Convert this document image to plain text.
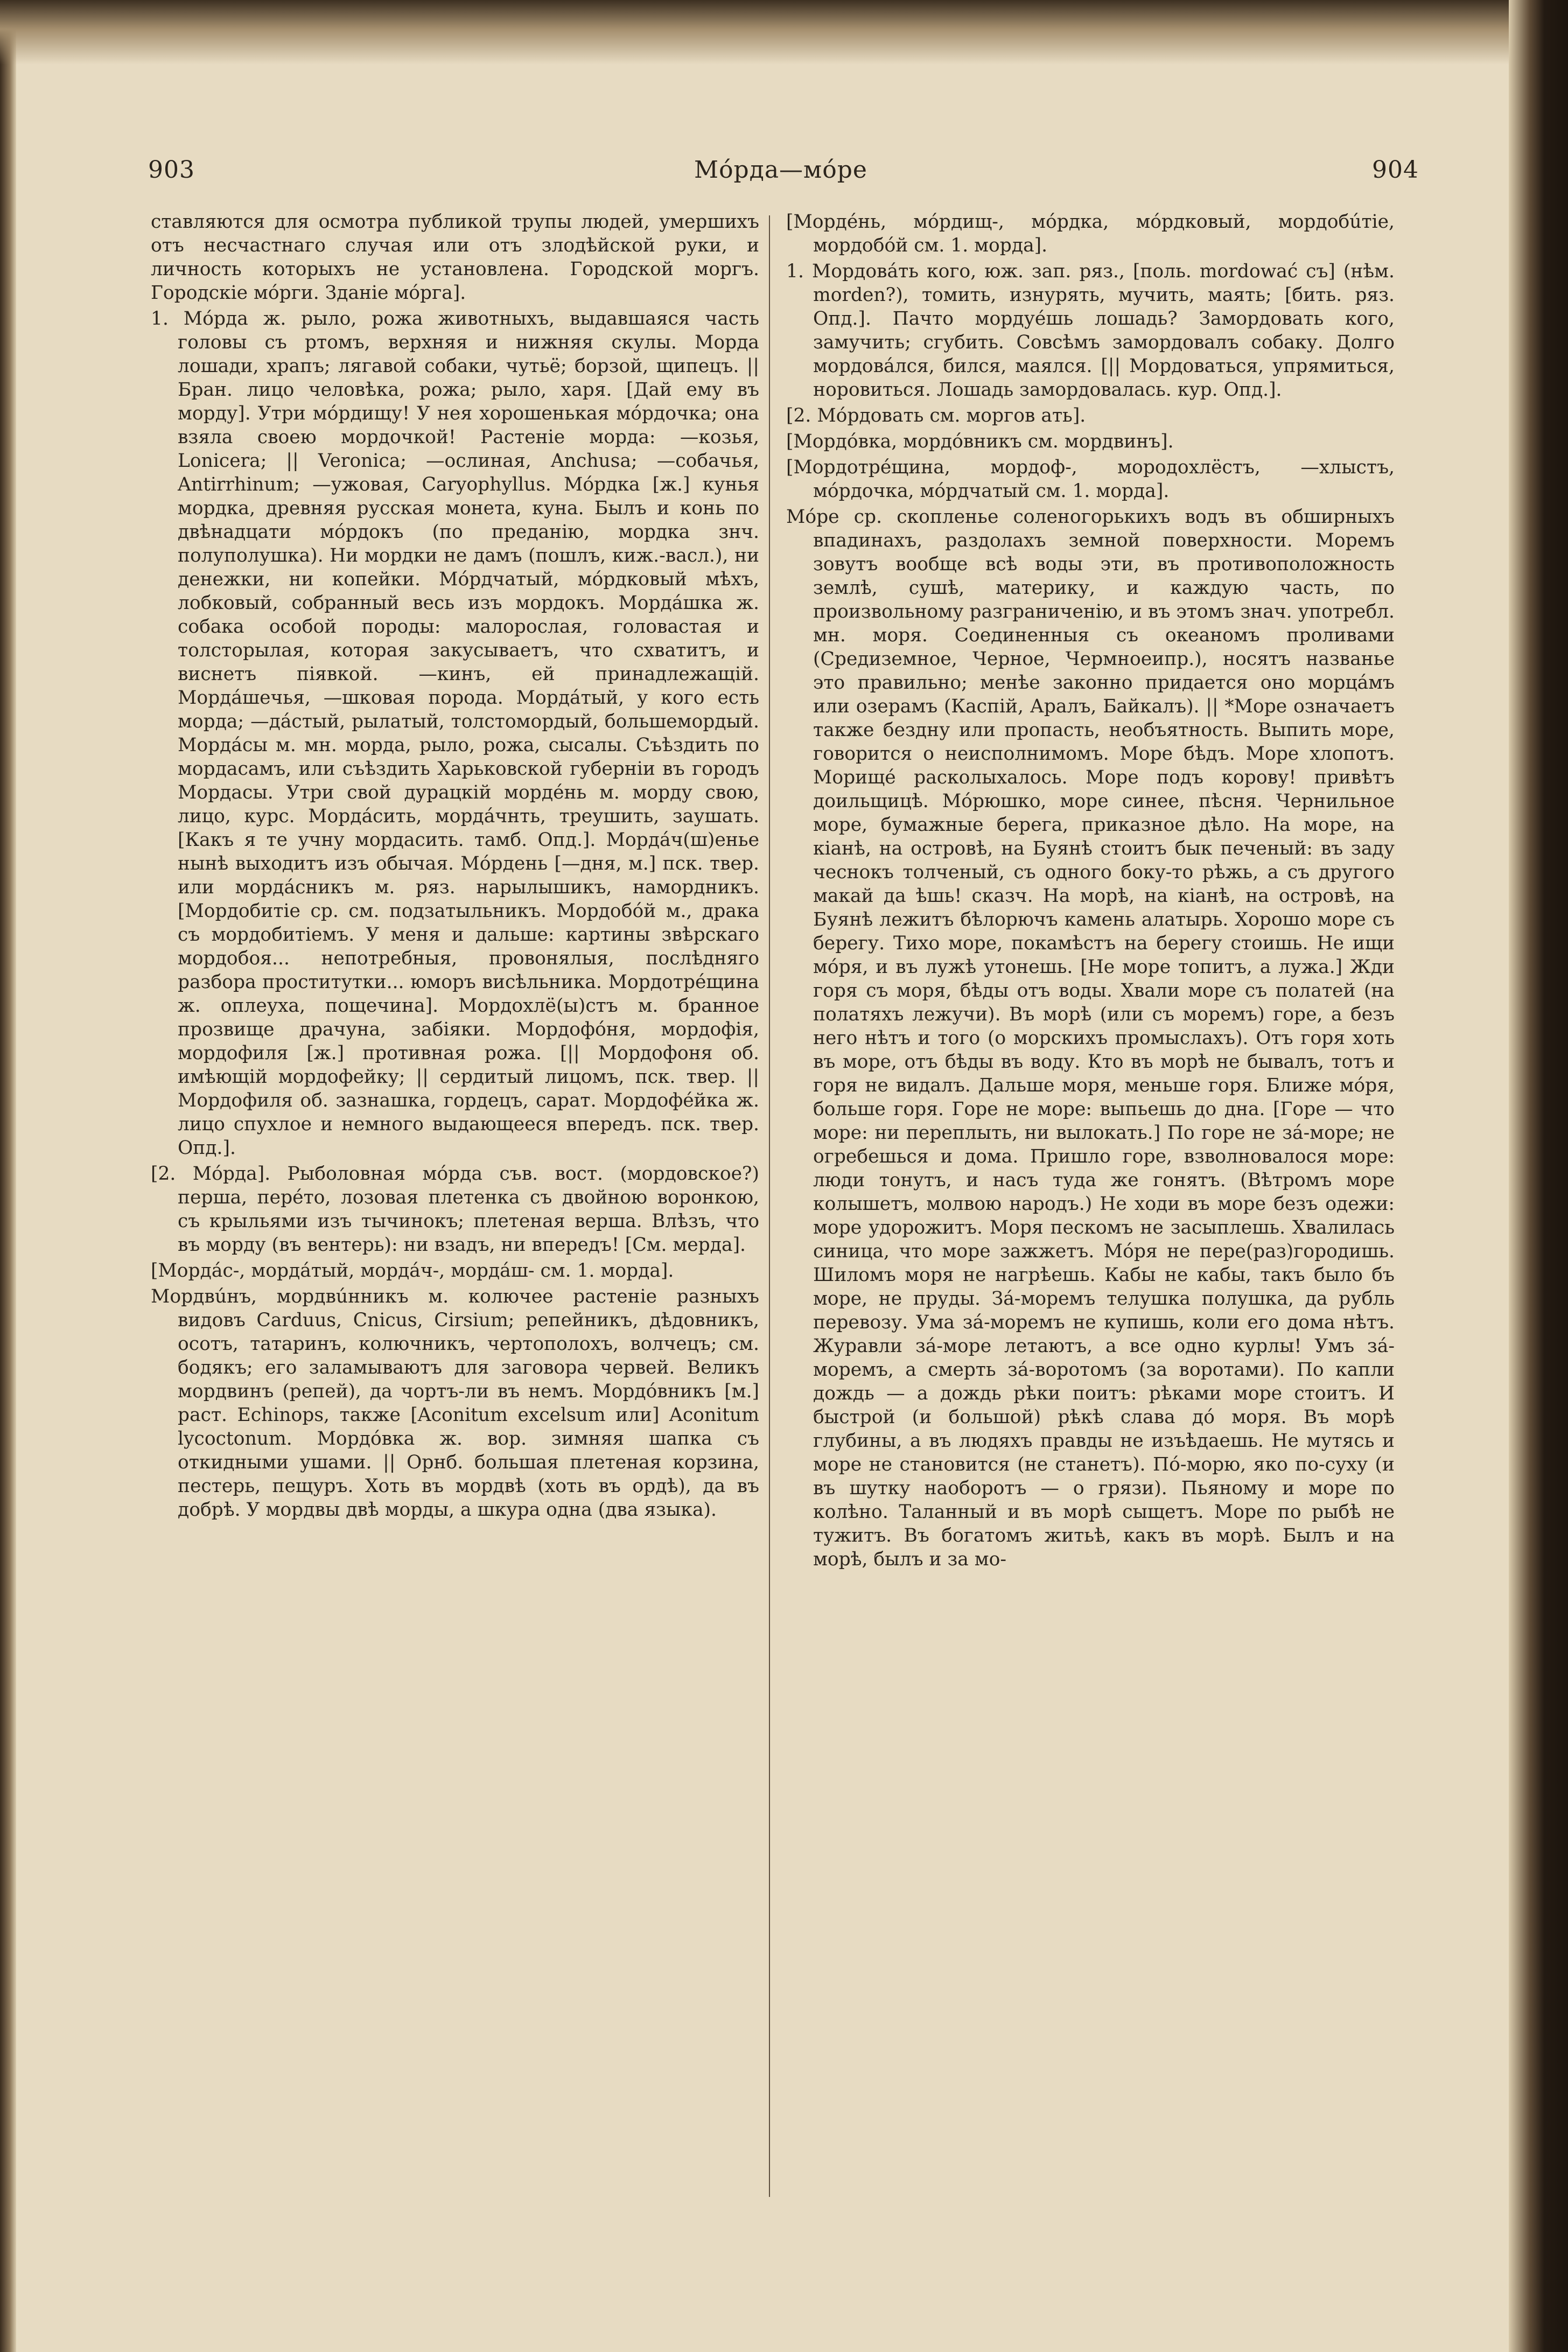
903	Мóрда—мóре	904

ставляются для осмотра публикой трупы людей, умершихъ отъ несчастнаго случая или отъ злодѣйской руки, и личность которыхъ не установлена. Городской моргъ. Городскіе мóрги. Зданіе мóрга].

1. Мóрда ж. рыло, рожа животныхъ, выдавшаяся часть головы съ ртомъ, верхняя и нижняя скулы. Морда лошади, храпъ; лягавой собаки, чутьё; борзой, щипецъ. || Бран. лицо человѣка, рожа; рыло, харя. [Дай ему въ морду]. Утри мóрдищу! У нея хорошенькая мóрдочка; она взяла своею мордочкой! Растеніе морда: —козья, Lonicera; || Veronica; —ослиная, Anchusa; —собачья, Antirrhinum; —ужовая, Caryophyllus. Мóрдка [ж.] кунья мордка, древняя русская монета, куна. Былъ и конь по двѣнадцати мóрдокъ (по преданію, мордка знч. полуполушка). Ни мордки не дамъ (пошлъ, киж.-васл.), ни денежки, ни копейки. Мóрдчатый, мóрдковый мѣхъ, лобковый, собранный весь изъ мордокъ. Мордáшка ж. собака особой породы: малорослая, головастая и толсторылая, которая закусываетъ, что схватитъ, и виснетъ піявкой. —кинъ, ей принадлежащій. Мордáшечья, —шковая порода. Мордáтый, у кого есть морда; —дáстый, рылатый, толстомордый, большемордый. Мордáсы м. мн. морда, рыло, рожа, сысалы. Съѣздить по мордасамъ, или съѣздить Харьковской губерніи въ городъ Мордасы. Утри свой дурацкій мордéнь м. морду свою, лицо, курс. Мордáсить, мордáчнть, треушить, заушать. [Какъ я те учну мордасить. тамб. Опд.]. Мордáч(ш)енье нынѣ выходитъ изъ обычая. Мóрдень [—дня, м.] пск. твер. или мордáсникъ м. ряз. нарылышикъ, намордникъ. [Мордобитіе ср. см. подзатыльникъ. Мордобóй м., драка съ мордобитіемъ. У меня и дальше: картины звѣрскаго мордобоя... непотребныя, провонялыя, послѣдняго разбора проститутки... юморъ висѣльника. Мордотрéщина ж. оплеуха, пощечина]. Мордохлё(ы)стъ м. бранное прозвище драчуна, забіяки. Мордофóня, мордофія, мордофиля [ж.] противная рожа. [|| Мордофоня об. имѣющій мордофейку; || сердитый лицомъ, пск. твер. || Мордофиля об. зазнашка, гордецъ, сарат. Мордофéйка ж. лицо спухлое и немного выдающееся впередъ. пск. твер. Опд.].

[2. Мóрда]. Рыболовная мóрда съв. вост. (мордовское?) перша, перéто, лозовая плетенка съ двойною воронкою, съ крыльями изъ тычинокъ; плетеная верша. Влѣзъ, что въ морду (въ вентерь): ни взадъ, ни впередъ! [См. мерда].

[Мордáс-, мордáтый, мордáч-, мордáш- см. 1. морда].

Мордвúнъ, мордвúнникъ м. колючее растеніе разныхъ видовъ Carduus, Cnicus, Cirsium; репейникъ, дѣдовникъ, осотъ, татаринъ, колючникъ, чертополохъ, волчецъ; см. бодякъ; его заламываютъ для заговора червей. Великъ мордвинъ (репей), да чортъ-ли въ немъ. Мордóвникъ [м.] раст. Echinops, также [Aconitum excelsum или] Aconitum lycoctonum. Мордóвка ж. вор. зимняя шапка съ откидными ушами. || Орнб. большая плетеная корзина, пестерь, пещуръ. Хоть въ мордвѣ (хоть въ ордѣ), да въ добрѣ. У мордвы двѣ морды, а шкура одна (два языка).

[Мордéнь, мóрдищ-, мóрдка, мóрдковый, мордобúтіе, мордобóй см. 1. морда].

1. Мордовáть кого, юж. зап. ряз., [поль. mordować съ] (нѣм. morden?), томить, изнурять, мучить, маять; [бить. ряз. Опд.]. Пачто мордуéшь лошадь? Замордовать кого, замучить; сгубить. Совсѣмъ замордовалъ собаку. Долго мордовáлся, бился, маялся. [|| Мордоваться, упрямиться, норовиться. Лошадь замордовалась. кур. Опд.].

[2. Мóрдовать см. моргов ать].

[Мордóвка, мордóвникъ см. мордвинъ].

[Мордотрéщина, мордоф-, мородохлёстъ, —хлыстъ, мóрдочка, мóрдчатый см. 1. морда].

Мóре ср. скопленье соленогорькихъ водъ въ обширныхъ впадинахъ, раздолахъ земной поверхности. Моремъ зовутъ вообще всѣ воды эти, въ противоположность землѣ, сушѣ, материку, и каждую часть, по произвольному разграниченію, и въ этомъ знач. употребл. мн. моря. Соединенныя съ океаномъ проливами (Средиземное, Черное, Чермноеипр.), носятъ названье это правильно; менѣе законно придается оно морцáмъ или озерамъ (Каспій, Аралъ, Байкалъ). || *Море означаетъ также бездну или пропасть, необъятность. Выпить море, говорится о неисполнимомъ. Море бѣдъ. Море хлопотъ. Морищé расколыхалось. Море подъ корову! привѣтъ доильщицѣ. Мóрюшко, море синее, пѣсня. Чернильное море, бумажные берега, приказное дѣло. На море, на кіанѣ, на островѣ, на Буянѣ стоитъ бык печеный: въ заду чеснокъ толченый, съ одного боку-то рѣжь, а съ другого макай да ѣшь! сказч. На морѣ, на кіанѣ, на островѣ, на Буянѣ лежитъ бѣлорючъ камень алатырь. Хорошо море съ берегу. Тихо море, покамѣстъ на берегу стоишь. Не ищи мóря, и въ лужѣ утонешь. [Не море топитъ, а лужа.] Жди горя съ моря, бѣды отъ воды. Хвали море съ полатей (на полатяхъ лежучи). Въ морѣ (или съ моремъ) горе, а безъ него нѣтъ и того (о морскихъ промыслахъ). Отъ горя хоть въ море, отъ бѣды въ воду. Кто въ морѣ не бывалъ, тотъ и горя не видалъ. Дальше моря, меньше горя. Ближе мóря, больше горя. Горе не море: выпьешь до дна. [Горе — что море: ни переплыть, ни вылокать.] По горе не зá-море; не огребешься и дома. Пришло горе, взволновалося море: люди тонутъ, и насъ туда же гонятъ. (Вѣтромъ море колышетъ, молвою народъ.) Не ходи въ море безъ одежи: море удорожитъ. Моря пескомъ не засыплешь. Хвалилась синица, что море зажжетъ. Мóря не пере(раз)городишь. Шиломъ моря не нагрѣешь. Кабы не кабы, такъ было бъ море, не пруды. Зá-моремъ телушка полушка, да рубль перевозу. Ума зá-моремъ не купишь, коли его дома нѣтъ. Журавли зá-море летаютъ, а все одно курлы! Умъ зá-моремъ, а смерть зá-воротомъ (за воротами). По капли дождь — а дождь рѣки поитъ: рѣками море стоитъ. И быстрой (и большой) рѣкѣ слава дó моря. Въ морѣ глубины, а въ людяхъ правды не изъѣдаешь. Не мутясь и море не становится (не станетъ). Пó-морю, яко по-суху (и въ шутку наоборотъ — о грязи). Пьяному и море по колѣно. Таланный и въ морѣ сыщетъ. Море по рыбѣ не тужитъ. Въ богатомъ житьѣ, какъ въ морѣ. Былъ и на морѣ, былъ и за мо-
